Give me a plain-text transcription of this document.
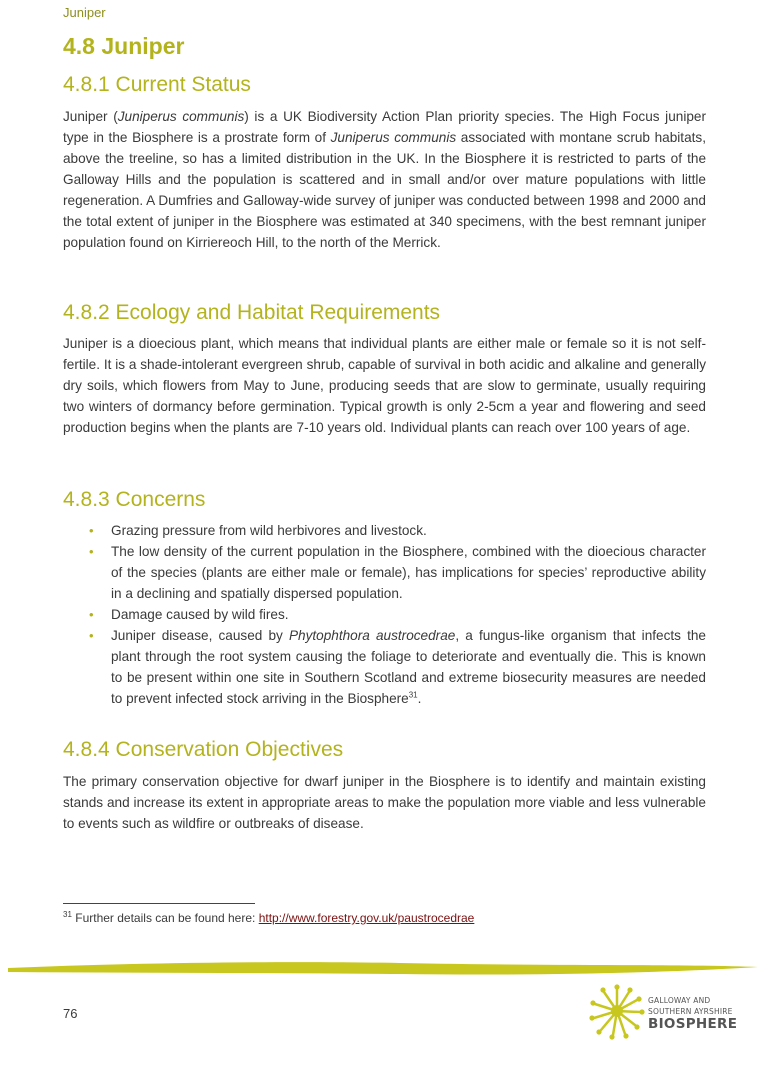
Juniper
4.8 Juniper
4.8.1 Current Status

Juniper (Juniperus communis) is a UK Biodiversity Action Plan priority species. The High Focus juniper type in the Biosphere is a prostrate form of Juniperus communis associated with montane scrub habitats, above the treeline, so has a limited distribution in the UK. In the Biosphere it is restricted to parts of the Galloway Hills and the population is scattered and in small and/or over mature populations with little regeneration. A Dumfries and Galloway-wide survey of juniper was conducted between 1998 and 2000 and the total extent of juniper in the Biosphere was estimated at 340 specimens, with the best remnant juniper population found on Kirriereoch Hill, to the north of the Merrick.

4.8.2 Ecology and Habitat Requirements

Juniper is a dioecious plant, which means that individual plants are either male or female so it is not self-fertile. It is a shade-intolerant evergreen shrub, capable of survival in both acidic and alkaline and generally dry soils, which flowers from May to June, producing seeds that are slow to germinate, usually requiring two winters of dormancy before germination. Typical growth is only 2-5cm a year and flowering and seed production begins when the plants are 7-10 years old. Individual plants can reach over 100 years of age.

4.8.3 Concerns
• Grazing pressure from wild herbivores and livestock.
• The low density of the current population in the Biosphere, combined with the dioecious character of the species (plants are either male or female), has implications for species’ reproductive ability in a declining and spatially dispersed population.
• Damage caused by wild fires.
• Juniper disease, caused by Phytophthora austrocedrae, a fungus-like organism that infects the plant through the root system causing the foliage to deteriorate and eventually die. This is known to be present within one site in Southern Scotland and extreme biosecurity measures are needed to prevent infected stock arriving in the Biosphere$^{31}$.
4.8.4 Conservation Objectives

The primary conservation objective for dwarf juniper in the Biosphere is to identify and maintain existing stands and increase its extent in appropriate areas to make the population more viable and less vulnerable to events such as wildfire or outbreaks of disease.

$^{31}$ Further details can be found here: http://www.forestry.gov.uk/paustrocedrae
76
GALLOWAY AND
SOUTHERN AYRSHIRE
BIOSPHERE
